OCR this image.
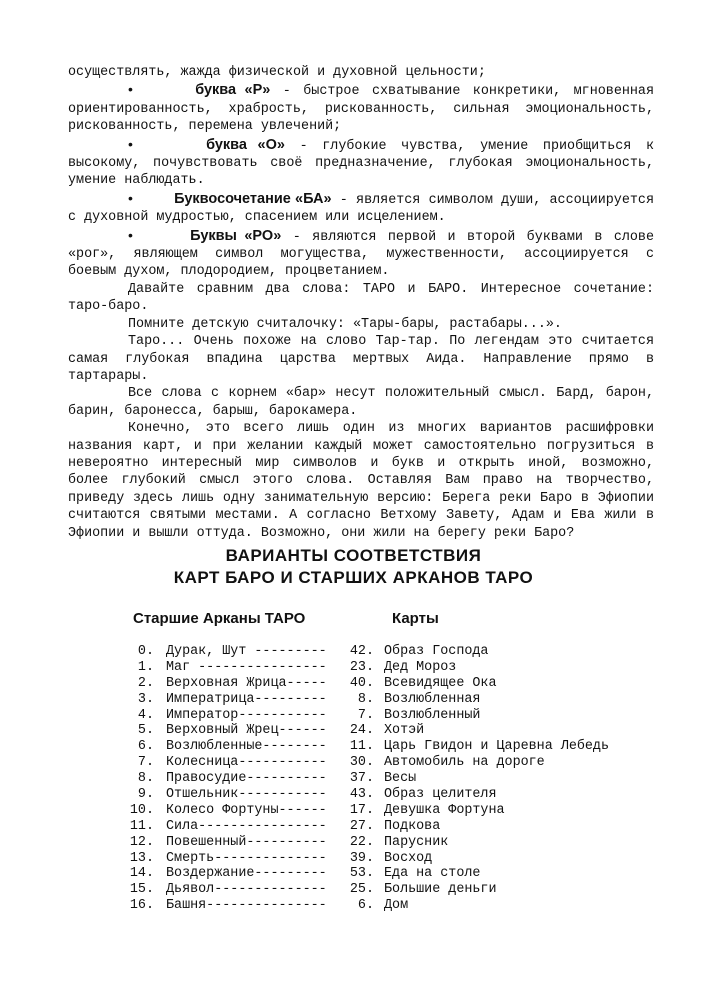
осуществлять, жажда физической и духовной цельности;

•	буква «Р» - быстрое схватывание конкретики, мгновенная ориентированность, храбрость, рискованность, сильная эмоциональность, рискованность, перемена увлечений;

•	буква «О» - глубокие чувства, умение приобщиться к высокому, почувствовать своё предназначение, глубокая эмоциональность, умение наблюдать.

•	Буквосочетание «БА» - является символом души, ассоциируется с духовной мудростью, спасением или исцелением.

•	Буквы «РО» - являются первой и второй буквами в слове «рог», являющем символ могущества, мужественности, ассоциируется с боевым духом, плодородием, процветанием.

Давайте сравним два слова: ТАРО и БАРО. Интересное сочетание: таро-баро.

Помните детскую считалочку: «Тары-бары, растабары...».

Таро... Очень похоже на слово Тар-тар. По легендам это считается самая глубокая впадина царства мертвых Аида. Направление прямо в тартарары.

Все слова с корнем «бар» несут положительный смысл. Бард, барон, барин, баронесса, барыш, барокамера.

Конечно, это всего лишь один из многих вариантов расшифровки названия карт, и при желании каждый может самостоятельно погрузиться в невероятно интересный мир символов и букв и открыть иной, возможно, более глубокий смысл этого слова. Оставляя Вам право на творчество, приведу здесь лишь одну занимательную версию: Берега реки Баро в Эфиопии считаются святыми местами. А согласно Ветхому Завету, Адам и Ева жили в Эфиопии и вышли оттуда. Возможно, они жили на берегу реки Баро?

ВАРИАНТЫ СООТВЕТСТВИЯ
КАРТ БАРО И СТАРШИХ АРКАНОВ ТАРО
Старшие Арканы ТАРО	Карты
0. Дурак, Шут ---------	42. Образ Господа
1. Маг ----------------	23. Дед Мороз
2. Верховная Жрица-----	40. Всевидящее Ока
3. Императрица---------	8. Возлюбленная
4. Император-----------	7. Возлюбленный
5. Верховный Жрец------	24. Хотэй
6. Возлюбленные--------	11. Царь Гвидон и Царевна Лебедь
7. Колесница-----------	30. Автомобиль на дороге
8. Правосудие----------	37. Весы
9. Отшельник-----------	43. Образ целителя
10. Колесо Фортуны------	17. Девушка Фортуна
11. Сила----------------	27. Подкова
12. Повешенный----------	22. Парусник
13. Смерть--------------	39. Восход
14. Воздержание---------	53. Еда на столе
15. Дьявол--------------	25. Большие деньги
16. Башня---------------	6. Дом
